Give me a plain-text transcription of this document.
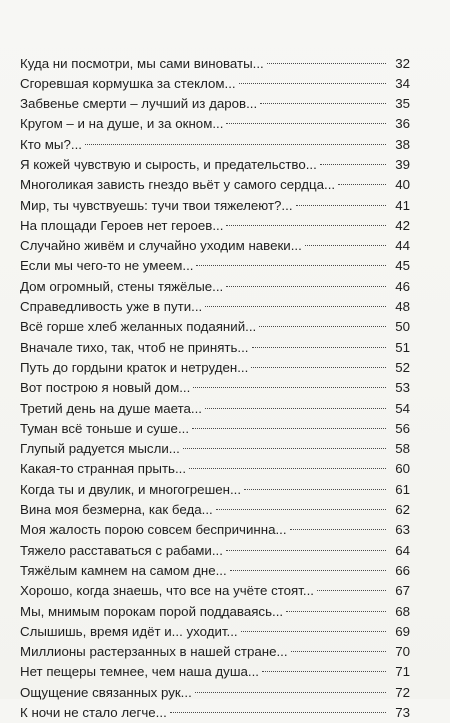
Куда ни посмотри, мы сами виноваты...	32
Сгоревшая кормушка за стеклом...	34
Забвенье смерти – лучший из даров...	35
Кругом – и на душе, и за окном...	36
Кто мы?...	38
Я кожей чувствую и сырость, и предательство...	39
Многоликая зависть гнездо вьёт у самого сердца...	40
Мир, ты чувствуешь: тучи твои тяжелеют?...	41
На площади Героев нет героев...	42
Случайно живём и случайно уходим навеки...	44
Если мы чего-то не умеем...	45
Дом огромный, стены тяжёлые...	46
Справедливость уже в пути...	48
Всё горше хлеб желанных подаяний...	50
Вначале тихо, так, чтоб не принять...	51
Путь до гордыни краток и нетруден...	52
Вот построю я новый дом...	53
Третий день на душе маета...	54
Туман всё тоньше и суше...	56
Глупый радуется мысли...	58
Какая-то странная прыть...	60
Когда ты и двулик, и многогрешен...	61
Вина моя безмерна, как беда...	62
Моя жалость порою совсем беспричинна...	63
Тяжело расставаться с рабами...	64
Тяжёлым камнем на самом дне...	66
Хорошо, когда знаешь, что все на учёте стоят...	67
Мы, мнимым порокам порой поддаваясь...	68
Слышишь, время идёт и... уходит...	69
Миллионы растерзанных в нашей стране...	70
Нет пещеры темнее, чем наша душа...	71
Ощущение связанных рук...	72
К ночи не стало легче...	73
